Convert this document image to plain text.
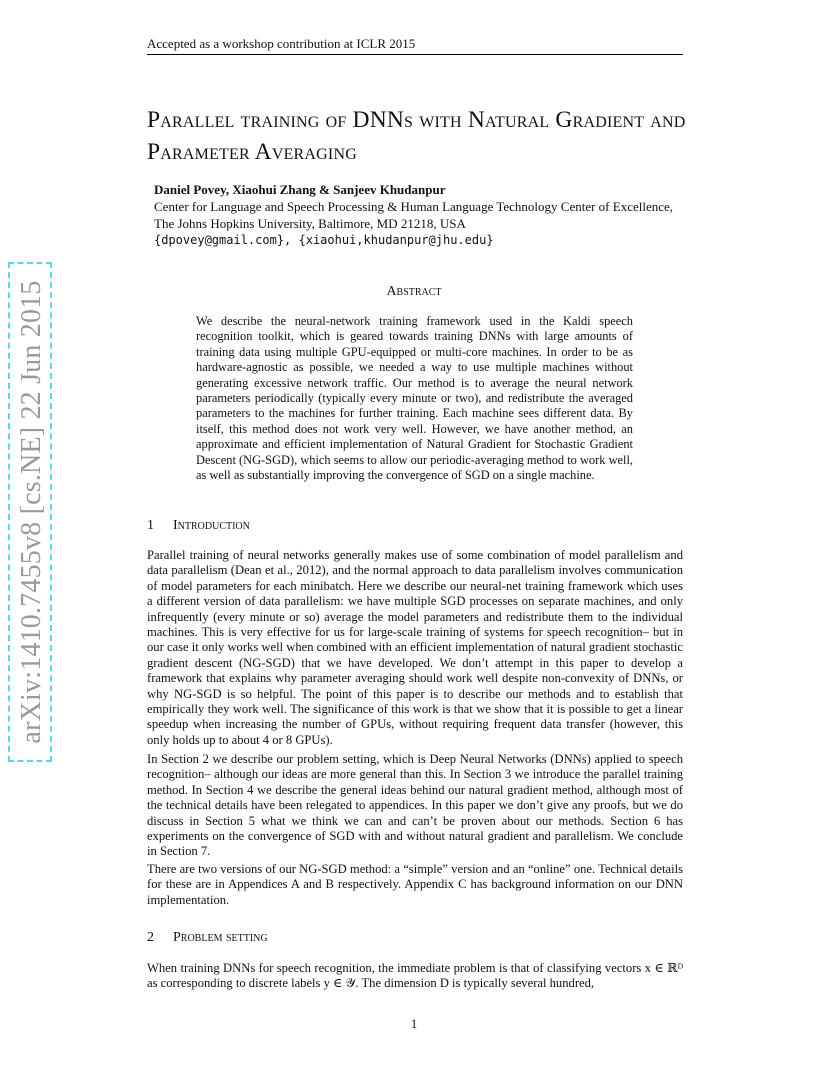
Accepted as a workshop contribution at ICLR 2015
Parallel training of DNNs with Natural Gradient and Parameter Averaging
Daniel Povey, Xiaohui Zhang & Sanjeev Khudanpur
Center for Language and Speech Processing & Human Language Technology Center of Excellence,
The Johns Hopkins University, Baltimore, MD 21218, USA
{dpovey@gmail.com}, {xiaohui,khudanpur@jhu.edu}
arXiv:1410.7455v8 [cs.NE] 22 Jun 2015	Abstract
We describe the neural-network training framework used in the Kaldi speech recognition toolkit, which is geared towards training DNNs with large amounts of training data using multiple GPU-equipped or multi-core machines. In order to be as hardware-agnostic as possible, we needed a way to use multiple machines without generating excessive network traffic. Our method is to average the neural network parameters periodically (typically every minute or two), and redistribute the averaged parameters to the machines for further training. Each machine sees different data. By itself, this method does not work very well. However, we have another method, an approximate and efficient implementation of Natural Gradient for Stochastic Gradient Descent (NG-SGD), which seems to allow our periodic-averaging method to work well, as well as substantially improving the convergence of SGD on a single machine.
1 Introduction
Parallel training of neural networks generally makes use of some combination of model parallelism and data parallelism (Dean et al., 2012), and the normal approach to data parallelism involves communication of model parameters for each minibatch. Here we describe our neural-net training framework which uses a different version of data parallelism: we have multiple SGD processes on separate machines, and only infrequently (every minute or so) average the model parameters and redistribute them to the individual machines. This is very effective for us for large-scale training of systems for speech recognition– but in our case it only works well when combined with an efficient implementation of natural gradient stochastic gradient descent (NG-SGD) that we have developed. We don’t attempt in this paper to develop a framework that explains why parameter averaging should work well despite non-convexity of DNNs, or why NG-SGD is so helpful. The point of this paper is to describe our methods and to establish that empirically they work well. The significance of this work is that we show that it is possible to get a linear speedup when increasing the number of GPUs, without requiring frequent data transfer (however, this only holds up to about 4 or 8 GPUs).
In Section 2 we describe our problem setting, which is Deep Neural Networks (DNNs) applied to speech recognition– although our ideas are more general than this. In Section 3 we introduce the parallel training method. In Section 4 we describe the general ideas behind our natural gradient method, although most of the technical details have been relegated to appendices. In this paper we don’t give any proofs, but we do discuss in Section 5 what we think we can and can’t be proven about our methods. Section 6 has experiments on the convergence of SGD with and without natural gradient and parallelism. We conclude in Section 7.
There are two versions of our NG-SGD method: a “simple” version and an “online” one. Technical details for these are in Appendices A and B respectively. Appendix C has background information on our DNN implementation.
2 Problem setting
When training DNNs for speech recognition, the immediate problem is that of classifying vectors x ∈ ℝᴰ as corresponding to discrete labels y ∈ 𝒴. The dimension D is typically several hundred,
1
